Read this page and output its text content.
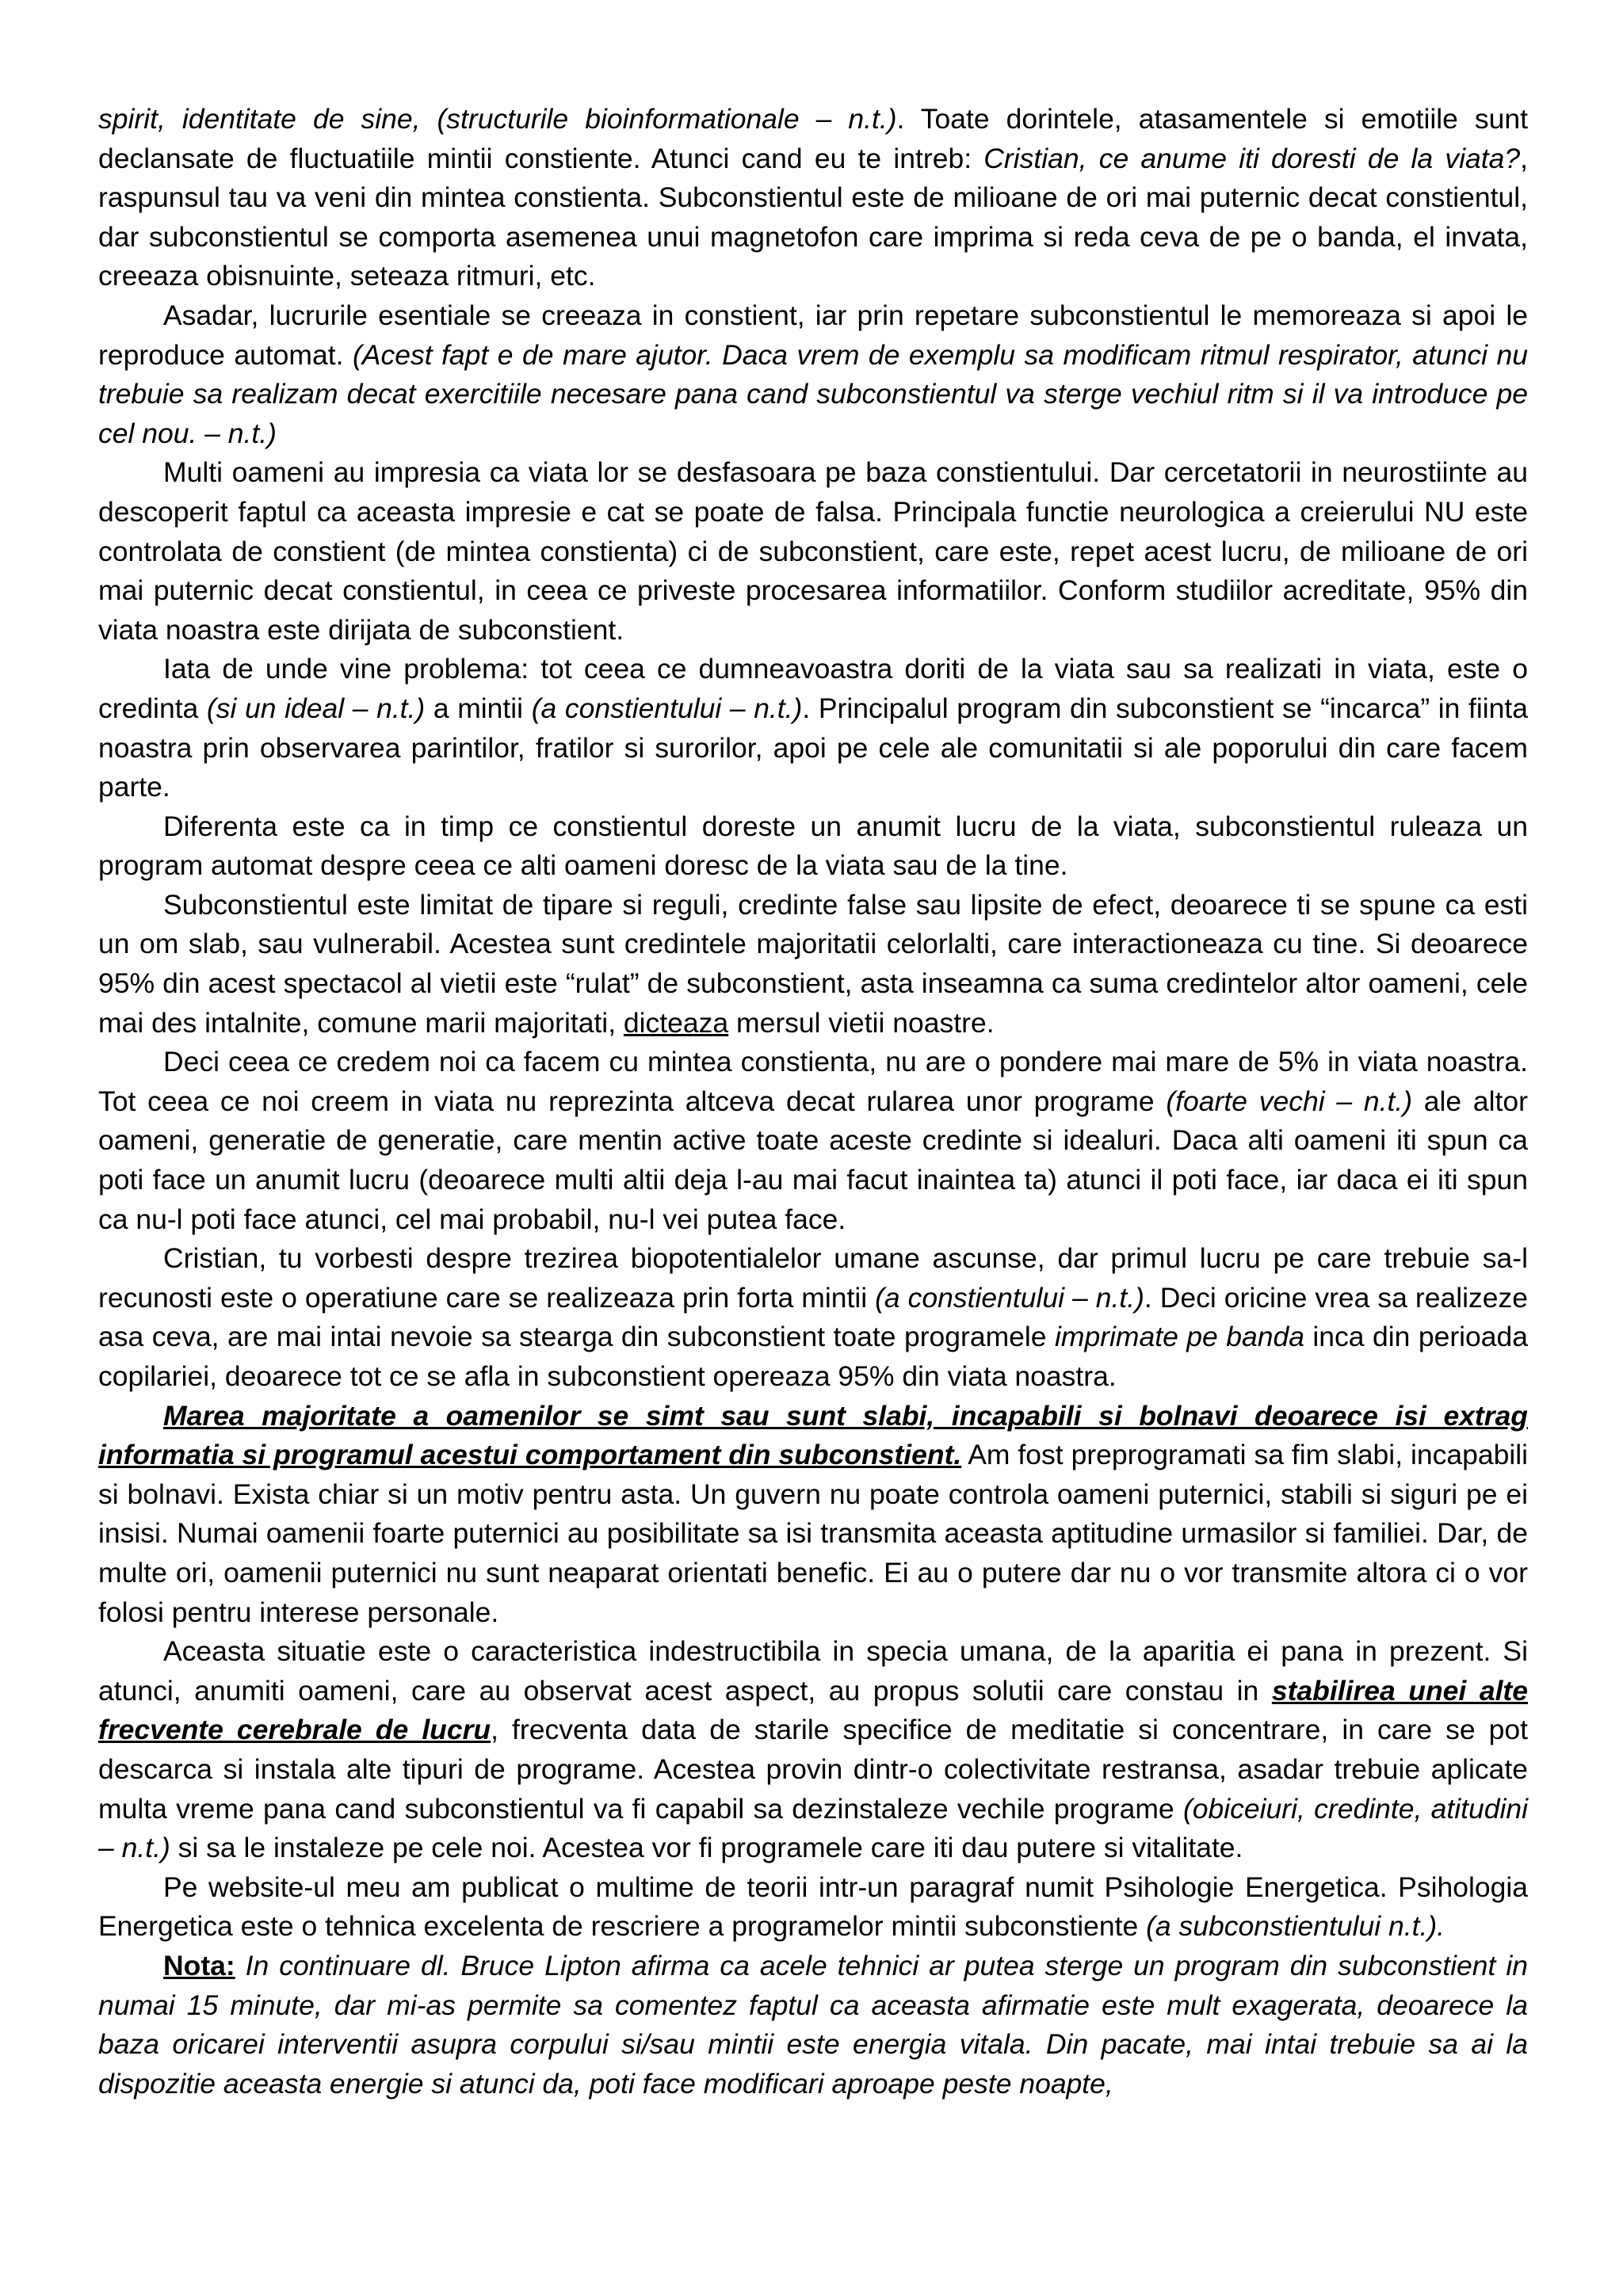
spirit, identitate de sine, (structurile bioinformationale – n.t.). Toate dorintele, atasamentele si emotiile sunt declansate de fluctuatiile mintii constiente. Atunci cand eu te intreb: Cristian, ce anume iti doresti de la viata?, raspunsul tau va veni din mintea constienta. Subconstientul este de milioane de ori mai puternic decat constientul, dar subconstientul se comporta asemenea unui magnetofon care imprima si reda ceva de pe o banda, el invata, creeaza obisnuinte, seteaza ritmuri, etc.

Asadar, lucrurile esentiale se creeaza in constient, iar prin repetare subconstientul le memoreaza si apoi le reproduce automat. (Acest fapt e de mare ajutor. Daca vrem de exemplu sa modificam ritmul respirator, atunci nu trebuie sa realizam decat exercitiile necesare pana cand subconstientul va sterge vechiul ritm si il va introduce pe cel nou. – n.t.)

Multi oameni au impresia ca viata lor se desfasoara pe baza constientului. Dar cercetatorii in neurostiinte au descoperit faptul ca aceasta impresie e cat se poate de falsa. Principala functie neurologica a creierului NU este controlata de constient (de mintea constienta) ci de subconstient, care este, repet acest lucru, de milioane de ori mai puternic decat constientul, in ceea ce priveste procesarea informatiilor. Conform studiilor acreditate, 95% din viata noastra este dirijata de subconstient.

Iata de unde vine problema: tot ceea ce dumneavoastra doriti de la viata sau sa realizati in viata, este o credinta (si un ideal – n.t.) a mintii (a constientului – n.t.). Principalul program din subconstient se “incarca” in fiinta noastra prin observarea parintilor, fratilor si surorilor, apoi pe cele ale comunitatii si ale poporului din care facem parte.

Diferenta este ca in timp ce constientul doreste un anumit lucru de la viata, subconstientul ruleaza un program automat despre ceea ce alti oameni doresc de la viata sau de la tine.

Subconstientul este limitat de tipare si reguli, credinte false sau lipsite de efect, deoarece ti se spune ca esti un om slab, sau vulnerabil. Acestea sunt credintele majoritatii celorlalti, care interactioneaza cu tine. Si deoarece 95% din acest spectacol al vietii este “rulat” de subconstient, asta inseamna ca suma credintelor altor oameni, cele mai des intalnite, comune marii majoritati, dicteaza mersul vietii noastre.

Deci ceea ce credem noi ca facem cu mintea constienta, nu are o pondere mai mare de 5% in viata noastra. Tot ceea ce noi creem in viata nu reprezinta altceva decat rularea unor programe (foarte vechi – n.t.) ale altor oameni, generatie de generatie, care mentin active toate aceste credinte si idealuri. Daca alti oameni iti spun ca poti face un anumit lucru (deoarece multi altii deja l-au mai facut inaintea ta) atunci il poti face, iar daca ei iti spun ca nu-l poti face atunci, cel mai probabil, nu-l vei putea face.

Cristian, tu vorbesti despre trezirea biopotentialelor umane ascunse, dar primul lucru pe care trebuie sa-l recunosti este o operatiune care se realizeaza prin forta mintii (a constientului – n.t.). Deci oricine vrea sa realizeze asa ceva, are mai intai nevoie sa stearga din subconstient toate programele imprimate pe banda inca din perioada copilariei, deoarece tot ce se afla in subconstient opereaza 95% din viata noastra.

Marea majoritate a oamenilor se simt sau sunt slabi, incapabili si bolnavi deoarece isi extrag informatia si programul acestui comportament din subconstient. Am fost preprogramati sa fim slabi, incapabili si bolnavi. Exista chiar si un motiv pentru asta. Un guvern nu poate controla oameni puternici, stabili si siguri pe ei insisi. Numai oamenii foarte puternici au posibilitate sa isi transmita aceasta aptitudine urmasilor si familiei. Dar, de multe ori, oamenii puternici nu sunt neaparat orientati benefic. Ei au o putere dar nu o vor transmite altora ci o vor folosi pentru interese personale.

Aceasta situatie este o caracteristica indestructibila in specia umana, de la aparitia ei pana in prezent. Si atunci, anumiti oameni, care au observat acest aspect, au propus solutii care constau in stabilirea unei alte frecvente cerebrale de lucru, frecventa data de starile specifice de meditatie si concentrare, in care se pot descarca si instala alte tipuri de programe. Acestea provin dintr-o colectivitate restransa, asadar trebuie aplicate multa vreme pana cand subconstientul va fi capabil sa dezinstaleze vechile programe (obiceiuri, credinte, atitudini – n.t.) si sa le instaleze pe cele noi. Acestea vor fi programele care iti dau putere si vitalitate.

Pe website-ul meu am publicat o multime de teorii intr-un paragraf numit Psihologie Energetica. Psihologia Energetica este o tehnica excelenta de rescriere a programelor mintii subconstiente (a subconstientului n.t.).

Nota: In continuare dl. Bruce Lipton afirma ca acele tehnici ar putea sterge un program din subconstient in numai 15 minute, dar mi-as permite sa comentez faptul ca aceasta afirmatie este mult exagerata, deoarece la baza oricarei interventii asupra corpului si/sau mintii este energia vitala. Din pacate, mai intai trebuie sa ai la dispozitie aceasta energie si atunci da, poti face modificari aproape peste noapte,
